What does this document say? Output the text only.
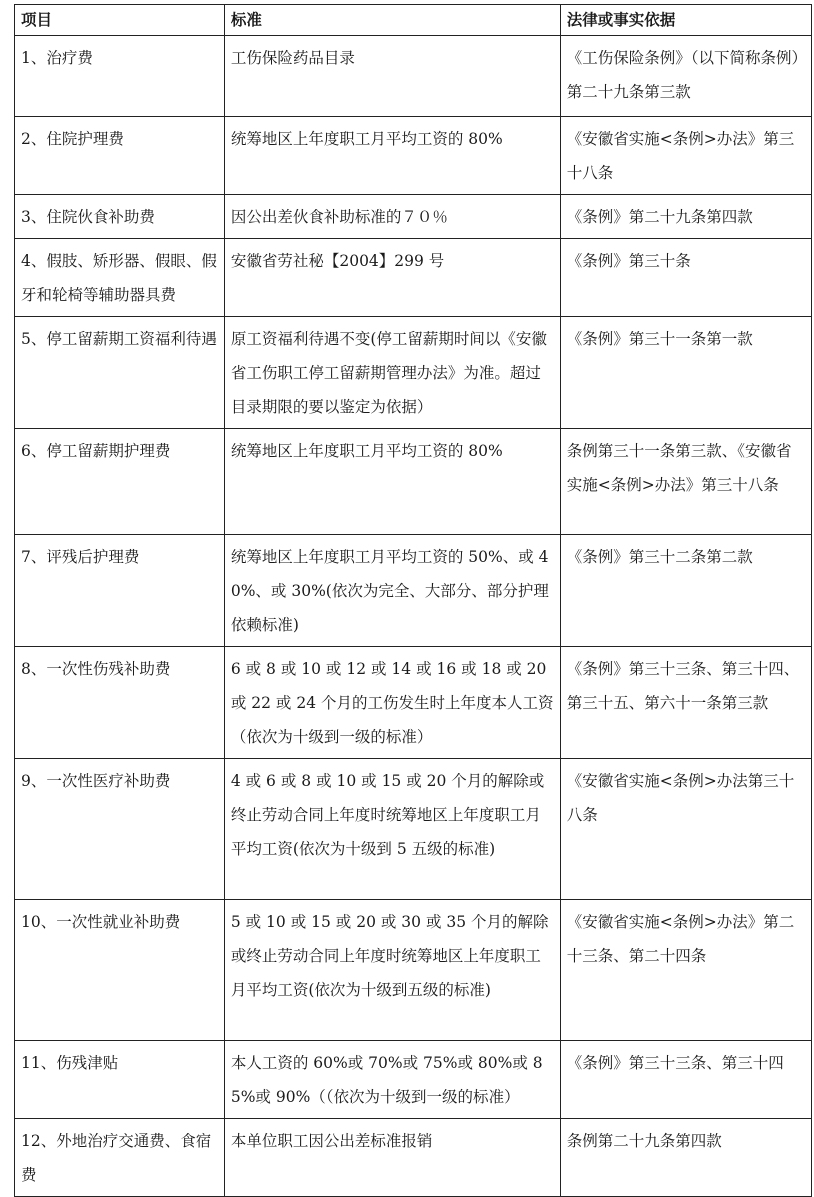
项目	标准	法律或事实依据
1、治疗费	工伤保险药品目录	《工伤保险条例》（以下简称条例）第二十九条第三款
2、住院护理费	统筹地区上年度职工月平均工资的 80%	《安徽省实施<条例>办法》第三十八条
3、住院伙食补助费	因公出差伙食补助标准的７０％	《条例》第二十九条第四款
4、假肢、矫形器、假眼、假牙和轮椅等辅助器具费	安徽省劳社秘【2004】299 号	《条例》第三十条
5、停工留薪期工资福利待遇	原工资福利待遇不变(停工留薪期时间以《安徽省工伤职工停工留薪期管理办法》为准。超过目录期限的要以鉴定为依据）	《条例》第三十一条第一款
6、停工留薪期护理费	统筹地区上年度职工月平均工资的 80%	条例第三十一条第三款、《安徽省实施<条例>办法》第三十八条
7、评残后护理费	统筹地区上年度职工月平均工资的 50%、或 40%、或 30%(依次为完全、大部分、部分护理依赖标准)	《条例》第三十二条第二款
8、一次性伤残补助费	6 或 8 或 10 或 12 或 14 或 16 或 18 或 20 或 22 或 24 个月的工伤发生时上年度本人工资（依次为十级到一级的标准）	《条例》第三十三条、第三十四、第三十五、第六十一条第三款
9、一次性医疗补助费	4 或 6 或 8 或 10 或 15 或 20 个月的解除或终止劳动合同上年度时统筹地区上年度职工月平均工资(依次为十级到 5 五级的标准)	《安徽省实施<条例>办法第三十八条
10、一次性就业补助费	5 或 10 或 15 或 20 或 30 或 35 个月的解除或终止劳动合同上年度时统筹地区上年度职工月平均工资(依次为十级到五级的标准)	《安徽省实施<条例>办法》第二十三条、第二十四条
11、伤残津贴	本人工资的 60%或 70%或 75%或 80%或 85%或 90%（（依次为十级到一级的标准）	《条例》第三十三条、第三十四
12、外地治疗交通费、食宿费	本单位职工因公出差标准报销	条例第二十九条第四款
